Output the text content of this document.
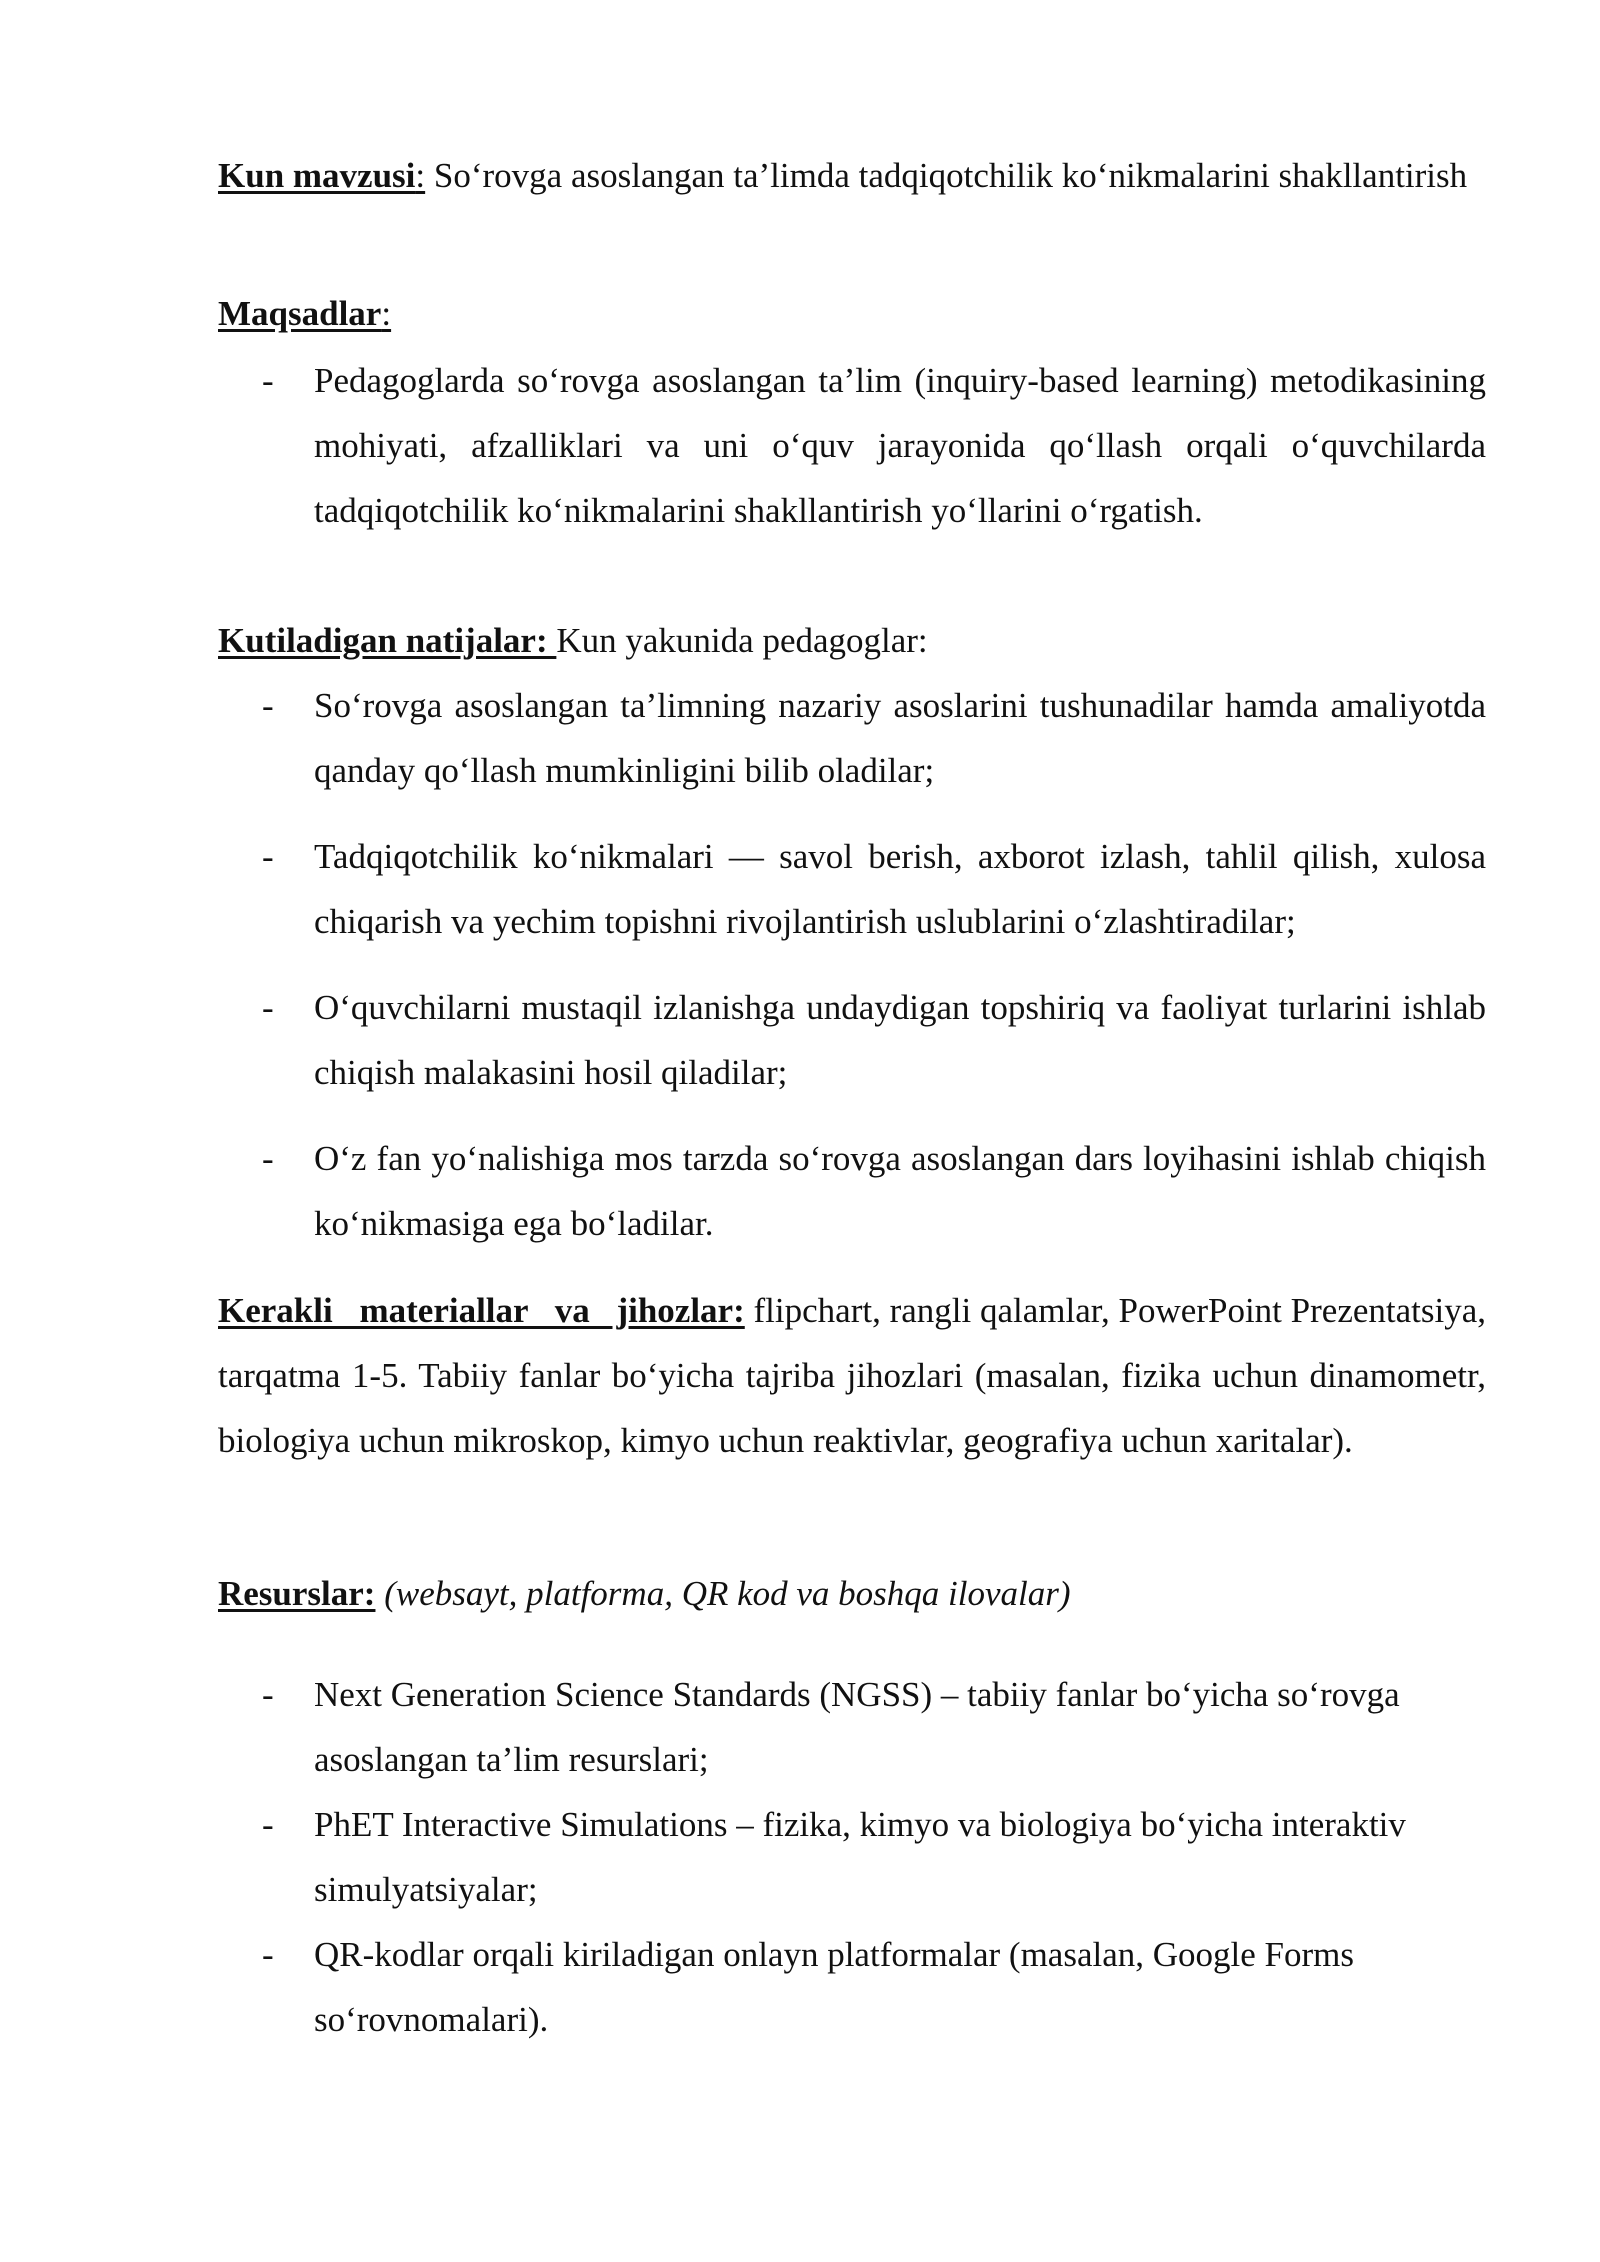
Kun mavzusi: So‘rovga asoslangan ta’limda tadqiqotchilik ko‘nikmalarini shakllantirish

Maqsadlar:

-	Pedagoglarda so‘rovga asoslangan ta’lim (inquiry-based learning) metodikasining mohiyati, afzalliklari va uni o‘quv jarayonida qo‘llash orqali o‘quvchilarda tadqiqotchilik ko‘nikmalarini shakllantirish yo‘llarini o‘rgatish.

Kutiladigan natijalar: Kun yakunida pedagoglar:

-	So‘rovga asoslangan ta’limning nazariy asoslarini tushunadilar hamda amaliyotda qanday qo‘llash mumkinligini bilib oladilar;
-	Tadqiqotchilik ko‘nikmalari — savol berish, axborot izlash, tahlil qilish, xulosa chiqarish va yechim topishni rivojlantirish uslublarini o‘zlashtiradilar;
-	O‘quvchilarni mustaqil izlanishga undaydigan topshiriq va faoliyat turlarini ishlab chiqish malakasini hosil qiladilar;
-	O‘z fan yo‘nalishiga mos tarzda so‘rovga asoslangan dars loyihasini ishlab chiqish ko‘nikmasiga ega bo‘ladilar.

Kerakli materiallar va jihozlar: flipchart, rangli qalamlar, PowerPoint Prezentatsiya, tarqatma 1-5. Tabiiy fanlar bo‘yicha tajriba jihozlari (masalan, fizika uchun dinamometr, biologiya uchun mikroskop, kimyo uchun reaktivlar, geografiya uchun xaritalar).

Resurslar: (websayt, platforma, QR kod va boshqa ilovalar)

-	Next Generation Science Standards (NGSS) – tabiiy fanlar bo‘yicha so‘rovga asoslangan ta’lim resurslari;
-	PhET Interactive Simulations – fizika, kimyo va biologiya bo‘yicha interaktiv simulyatsiyalar;
-	QR-kodlar orqali kiriladigan onlayn platformalar (masalan, Google Forms so‘rovnomalari).
